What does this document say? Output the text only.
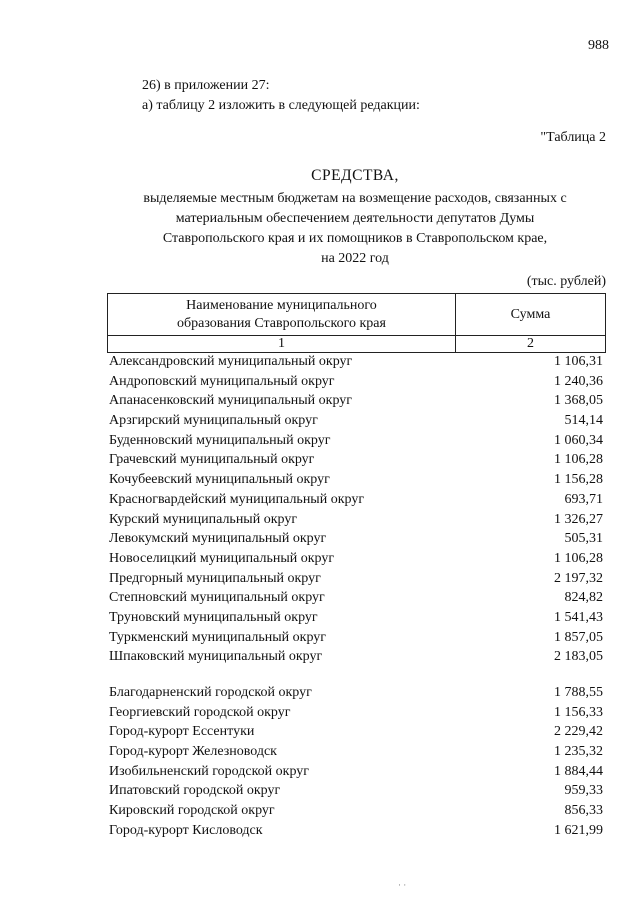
988
26) в приложении 27:
а) таблицу 2 изложить в следующей редакции:
"Таблица 2
СРЕДСТВА,
выделяемые местным бюджетам на возмещение расходов, связанных с
материальным обеспечением деятельности депутатов Думы
Ставропольского края и их помощников в Ставропольском крае,
на 2022 год
(тыс. рублей)
Наименование муниципального
образования Ставропольского края	Сумма
1	2
Александровский муниципальный округ	1 106,31
Андроповский муниципальный округ	1 240,36
Апанасенковский муниципальный округ	1 368,05
Арзгирский муниципальный округ	514,14
Буденновский муниципальный округ	1 060,34
Грачевский муниципальный округ	1 106,28
Кочубеевский муниципальный округ	1 156,28
Красногвардейский муниципальный округ	693,71
Курский муниципальный округ	1 326,27
Левокумский муниципальный округ	505,31
Новоселицкий муниципальный округ	1 106,28
Предгорный муниципальный округ	2 197,32
Степновский муниципальный округ	824,82
Труновский муниципальный округ	1 541,43
Туркменский муниципальный округ	1 857,05
Шпаковский муниципальный округ	2 183,05
Благодарненский городской округ	1 788,55
Георгиевский городской округ	1 156,33
Город-курорт Ессентуки	2 229,42
Город-курорт Железноводск	1 235,32
Изобильненский городской округ	1 884,44
Ипатовский городской округ	959,33
Кировский городской округ	856,33
Город-курорт Кисловодск	1 621,99
· ·
